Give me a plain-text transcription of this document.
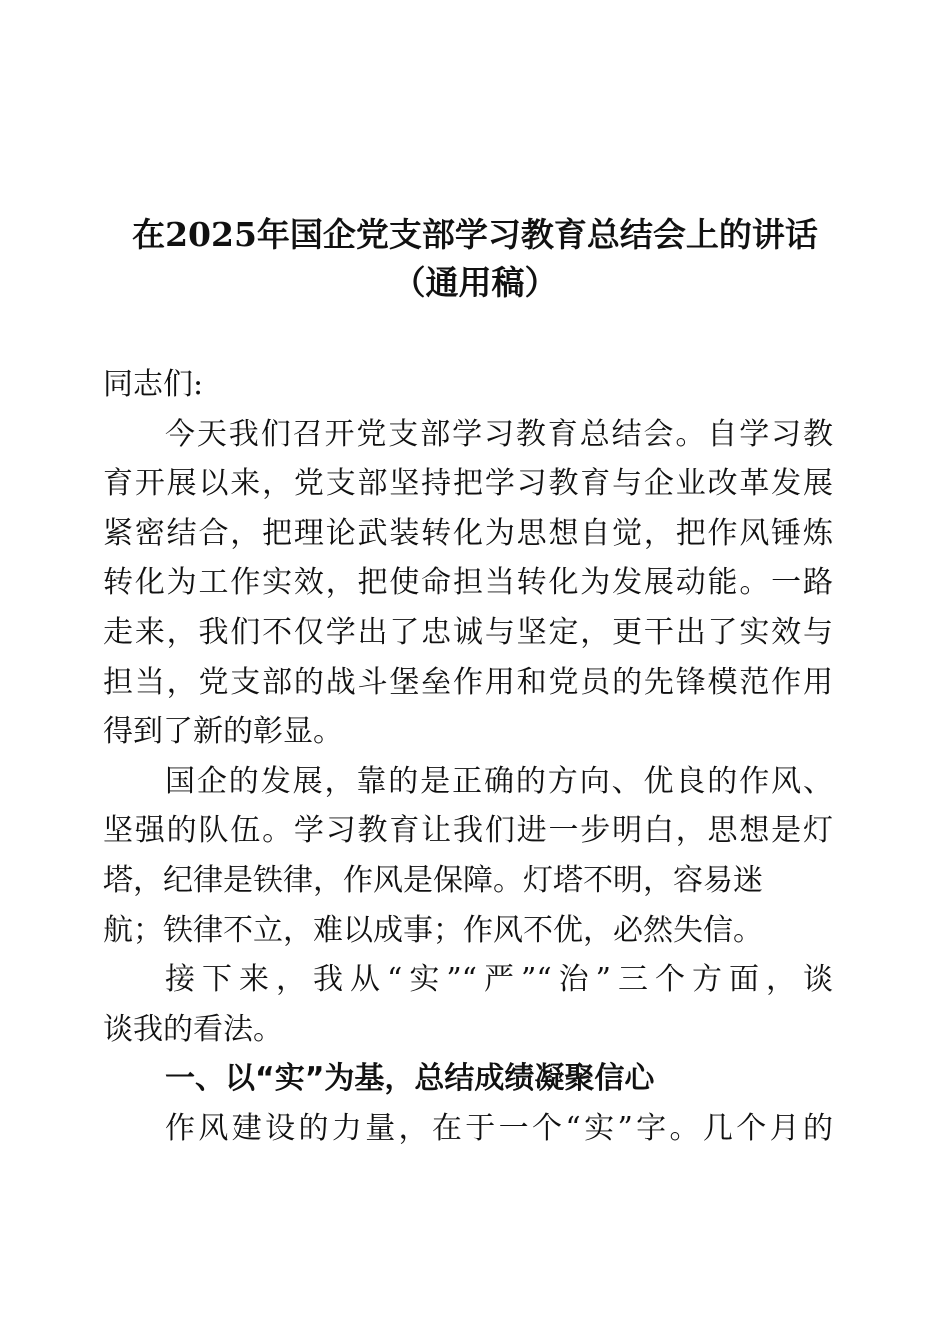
在2025年国企党支部学习教育总结会上的讲话
（通用稿）
同志们:
今天我们召开党支部学习教育总结会。自学习教
育开展以来，党支部坚持把学习教育与企业改革发展
紧密结合，把理论武装转化为思想自觉，把作风锤炼
转化为工作实效，把使命担当转化为发展动能。一路
走来，我们不仅学出了忠诚与坚定，更干出了实效与
担当，党支部的战斗堡垒作用和党员的先锋模范作用
得到了新的彰显。
国企的发展，靠的是正确的方向、优良的作风、
坚强的队伍。学习教育让我们进一步明白，思想是灯
塔，纪律是铁律，作风是保障。灯塔不明，容易迷
航；铁律不立，难以成事；作风不优，必然失信。
接下来，我从“实”“严”“治”三个方面，谈
谈我的看法。
一、以“实”为基，总结成绩凝聚信心
作风建设的力量，在于一个“实”字。几个月的
